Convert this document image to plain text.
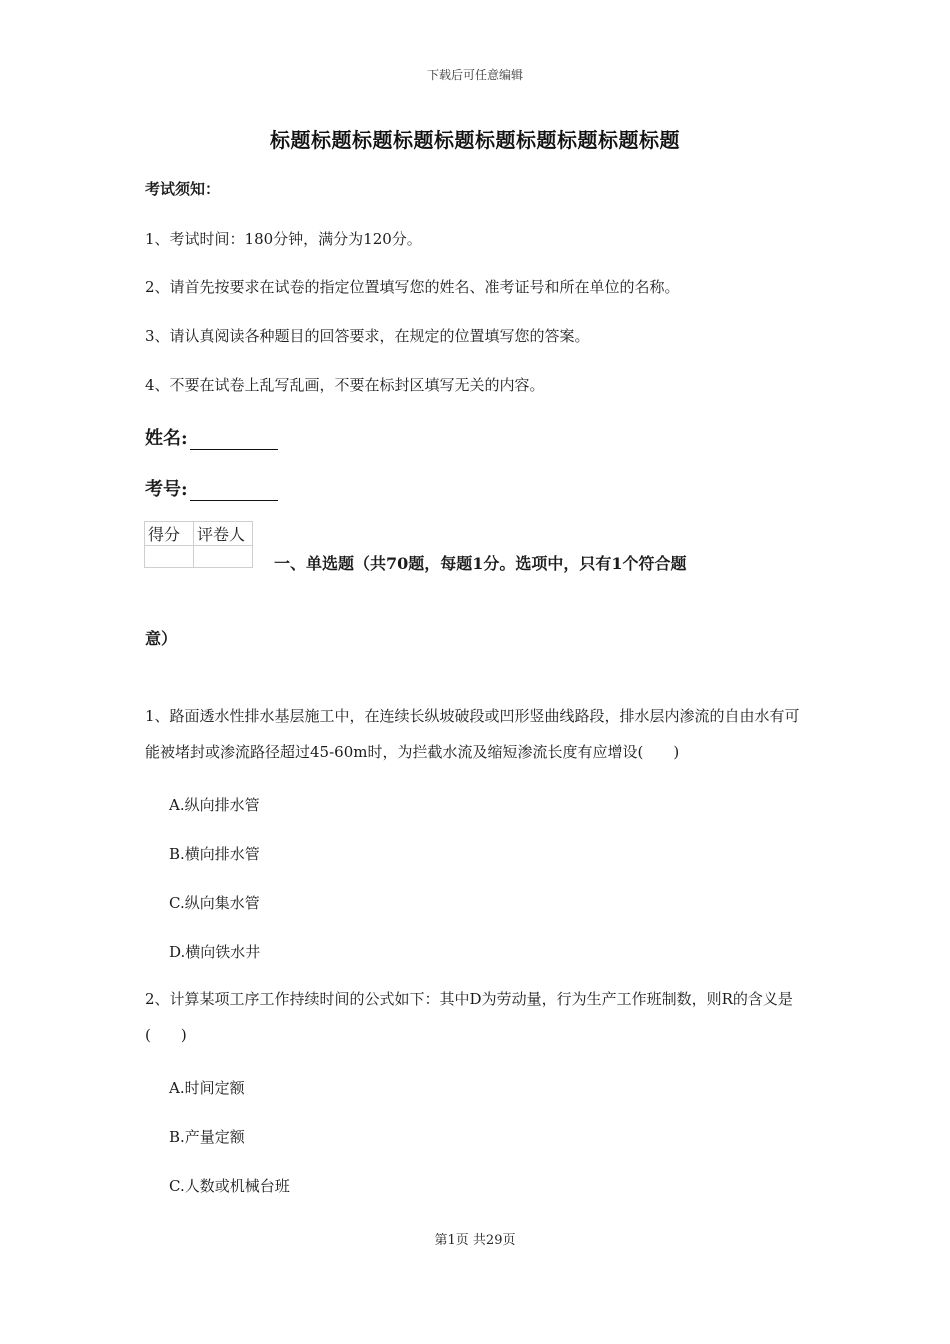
下载后可任意编辑
标题标题标题标题标题标题标题标题标题标题
考试须知：
1、考试时间：180分钟，满分为120分。
2、请首先按要求在试卷的指定位置填写您的姓名、准考证号和所在单位的名称。
3、请认真阅读各种题目的回答要求，在规定的位置填写您的答案。
4、不要在试卷上乱写乱画，不要在标封区填写无关的内容。
姓名:
考号:
得分	评卷人

一、单选题（共70题，每题1分。选项中，只有1个符合题
意）
1、路面透水性排水基层施工中，在连续长纵坡破段或凹形竖曲线路段，排水层内渗流的自由水有可能被堵封或渗流路径超过45-60m时，为拦截水流及缩短渗流长度有应增设(　　)
A.纵向排水管
B.横向排水管
C.纵向集水管
D.横向铁水井
2、计算某项工序工作持续时间的公式如下：其中D为劳动量，行为生产工作班制数，则R的含义是(　　)
A.时间定额
B.产量定额
C.人数或机械台班
第1页 共29页
